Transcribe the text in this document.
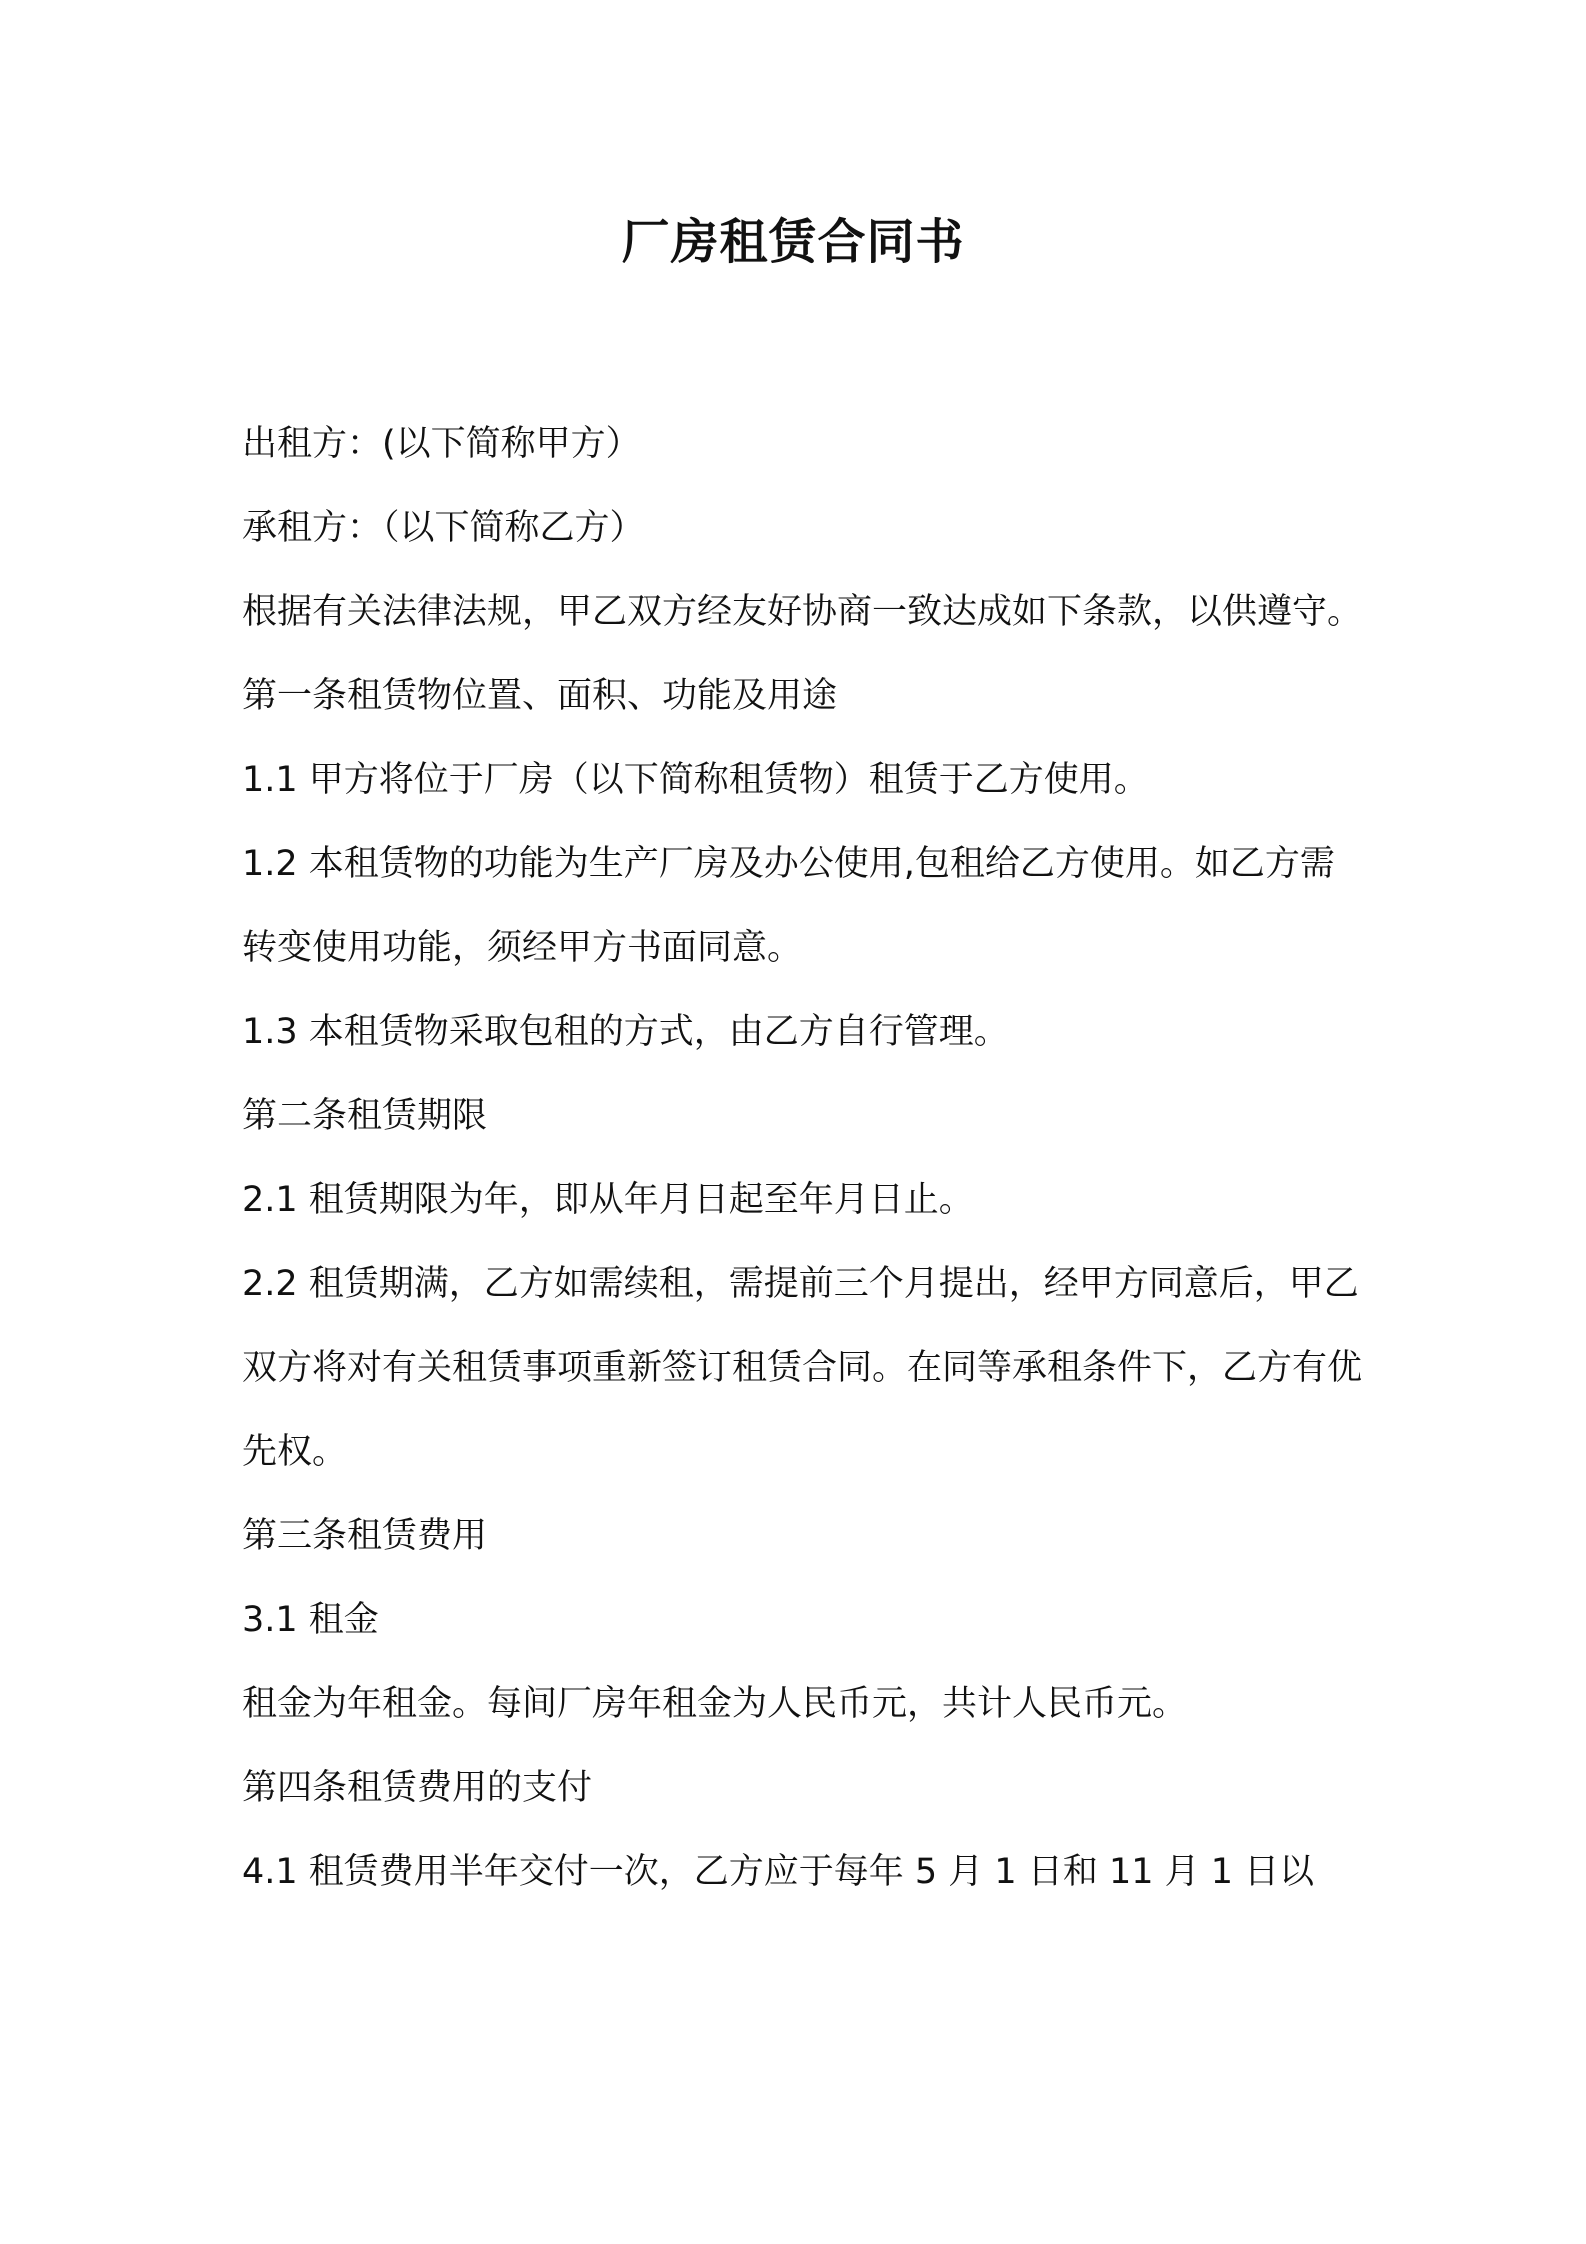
厂房租赁合同书

出租方：(以下简称甲方）

承租方：（以下简称乙方）

根据有关法律法规，甲乙双方经友好协商一致达成如下条款，以供遵守。

第一条租赁物位置、面积、功能及用途

1.1 甲方将位于厂房（以下简称租赁物）租赁于乙方使用。

1.2 本租赁物的功能为生产厂房及办公使用,包租给乙方使用。如乙方需转变使用功能，须经甲方书面同意。

1.3 本租赁物采取包租的方式，由乙方自行管理。

第二条租赁期限

2.1 租赁期限为年，即从年月日起至年月日止。

2.2 租赁期满，乙方如需续租，需提前三个月提出，经甲方同意后，甲乙双方将对有关租赁事项重新签订租赁合同。在同等承租条件下，乙方有优先权。

第三条租赁费用

3.1 租金

租金为年租金。每间厂房年租金为人民币元，共计人民币元。

第四条租赁费用的支付

4.1 租赁费用半年交付一次，乙方应于每年 5 月 1 日和 11 月 1 日以
